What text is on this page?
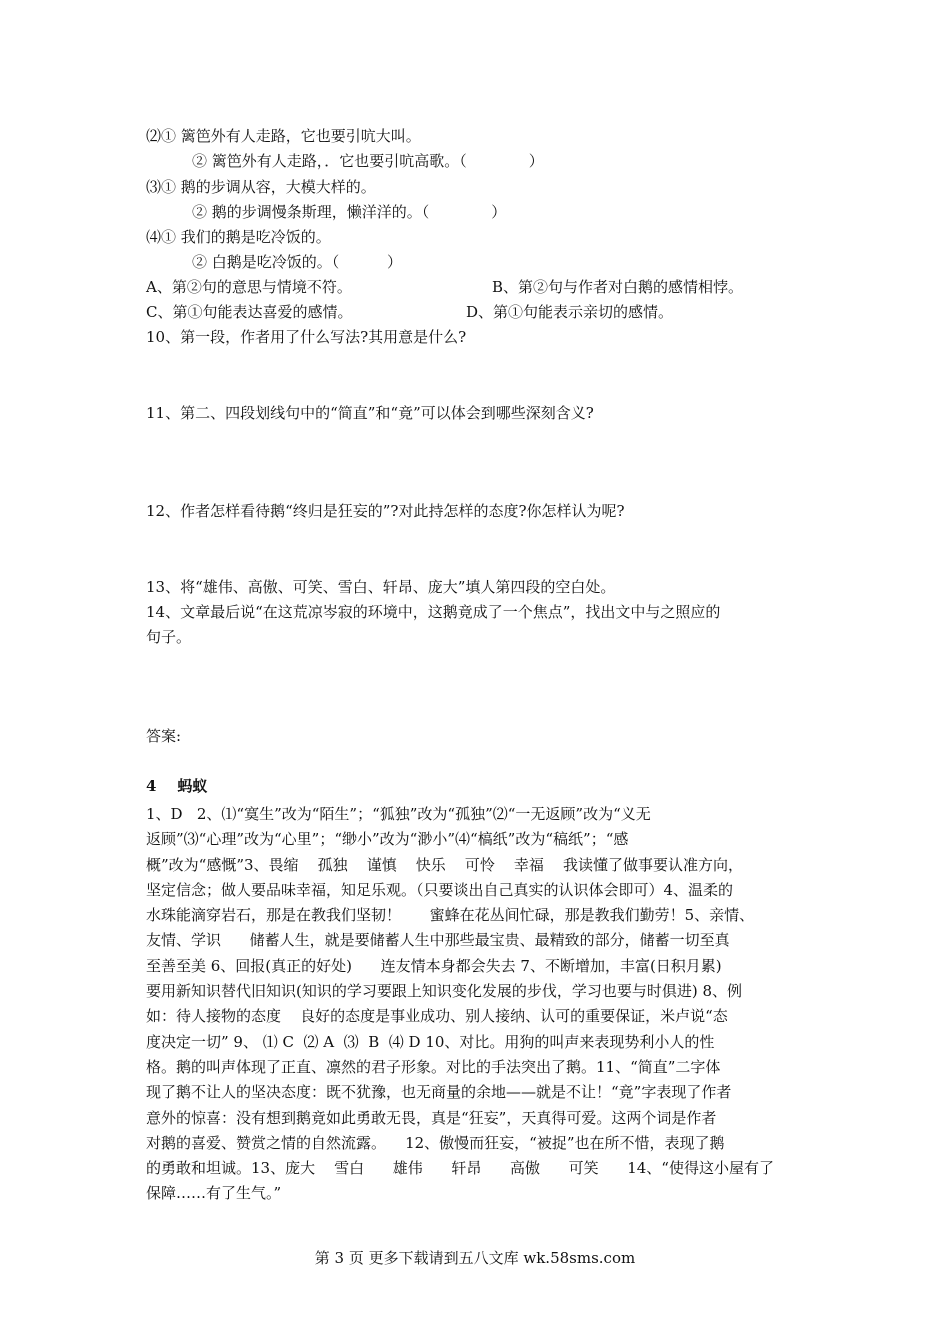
⑵① 篱笆外有人走路，它也要引吭大叫。
② 篱笆外有人走路，．它也要引吭高歌。（             ）
⑶① 鹅的步调从容，大模大样的。
② 鹅的步调慢条斯理，懒洋洋的。（             ）
⑷① 我们的鹅是吃冷饭的。
② 白鹅是吃冷饭的。（          ）
A、第②句的意思与情境不符。	B、第②句与作者对白鹅的感情相悖。
C、第①句能表达喜爱的感情。	D、第①句能表示亲切的感情。
10、第一段，作者用了什么写法?其用意是什么?
11、第二、四段划线句中的“简直”和“竟”可以体会到哪些深刻含义?
12、作者怎样看待鹅“终归是狂妄的”?对此持怎样的态度?你怎样认为呢?
13、将“雄伟、高傲、可笑、雪白、轩昂、庞大”填人第四段的空白处。
14、文章最后说“在这荒凉岑寂的环境中，这鹅竟成了一个焦点”，找出文中与之照应的
句子。
答案:
4    蚂蚁
1、D   2、⑴“寞生”改为“陌生”；“狐独”改为“孤独”⑵“一无返顾”改为“义无
返顾”⑶“心理”改为“心里”；“缈小”改为“渺小”⑷“槁纸”改为“稿纸”；“感
概”改为“感慨”3、畏缩    孤独    谨慎    快乐    可怜    幸福    我读懂了做事要认准方向，
坚定信念；做人要品味幸福，知足乐观。（只要谈出自己真实的认识体会即可）4、温柔的
水珠能滴穿岩石，那是在教我们坚韧！      蜜蜂在花丛间忙碌，那是教我们勤劳！5、亲情、
友情、学识      储蓄人生，就是要储蓄人生中那些最宝贵、最精致的部分，储蓄一切至真
至善至美 6、回报(真正的好处)      连友情本身都会失去 7、不断增加，丰富(日积月累)
要用新知识替代旧知识(知识的学习要跟上知识变化发展的步伐，学习也要与时俱进) 8、例
如：待人接物的态度    良好的态度是事业成功、别人接纳、认可的重要保证，米卢说“态
度决定一切” 9、 ⑴ C  ⑵ A  ⑶  B  ⑷ D 10、对比。用狗的叫声来表现势利小人的性
格。鹅的叫声体现了正直、凛然的君子形象。对比的手法突出了鹅。11、“简直”二字体
现了鹅不让人的坚决态度：既不犹豫，也无商量的余地——就是不让！“竟”字表现了作者
意外的惊喜：没有想到鹅竟如此勇敢无畏，真是“狂妄”，天真得可爱。这两个词是作者
对鹅的喜爱、赞赏之情的自然流露。    12、傲慢而狂妄，“被捉”也在所不惜，表现了鹅
的勇敢和坦诚。13、庞大    雪白      雄伟      轩昂      高傲      可笑      14、“使得这小屋有了
保障……有了生气。”
第 3 页 更多下载请到五八文库 wk.58sms.com
